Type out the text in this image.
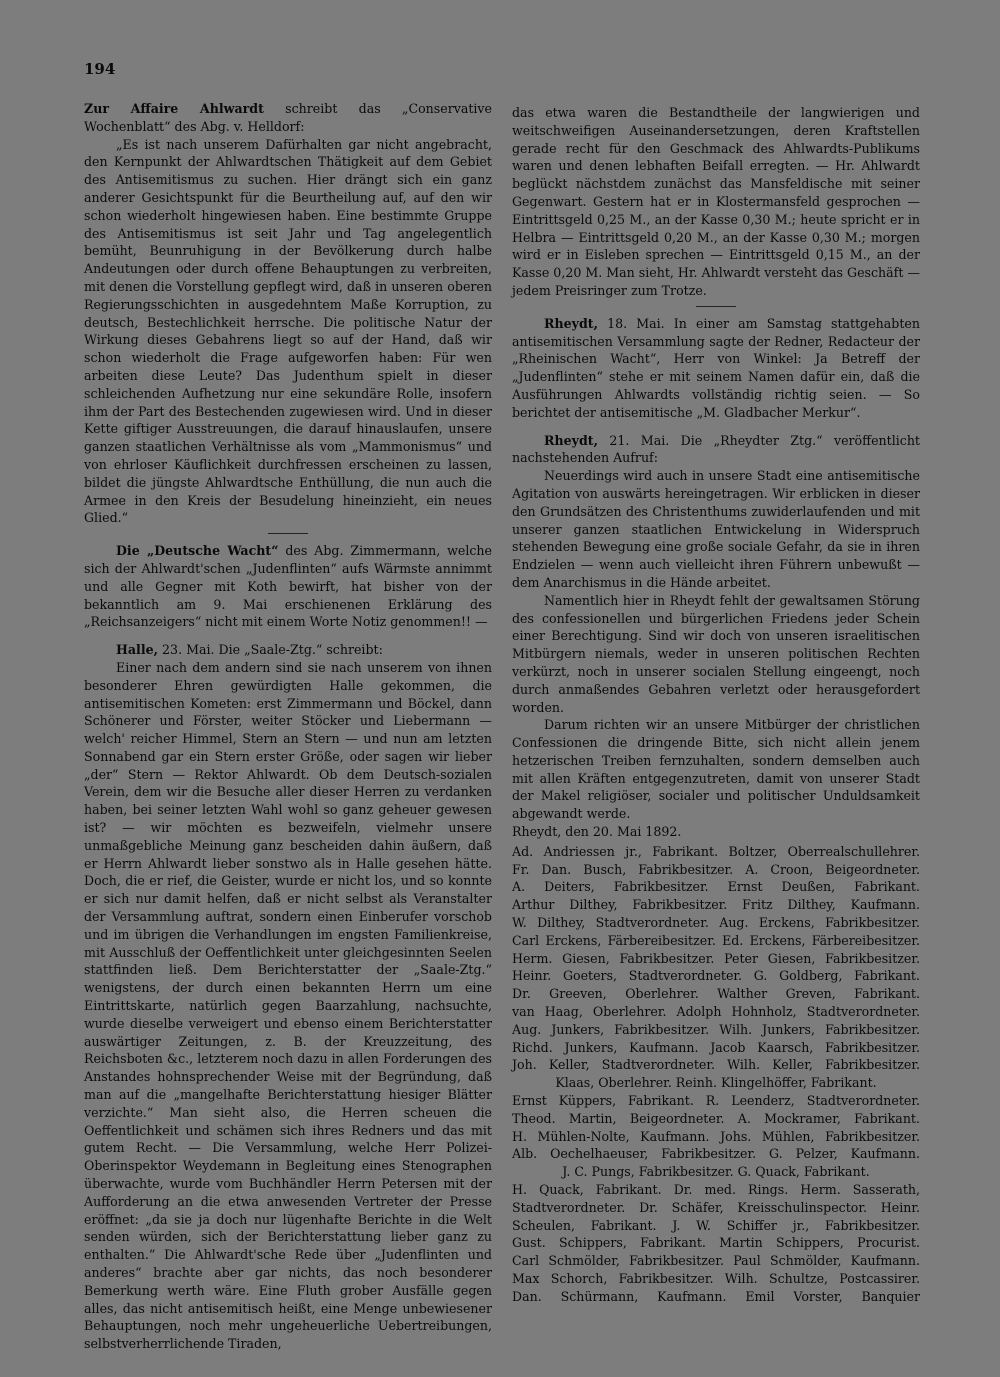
194

Zur Affaire Ahlwardt schreibt das „Conservative Wochenblatt“ des Abg. v. Helldorf:

„Es ist nach unserem Dafürhalten gar nicht angebracht, den Kernpunkt der Ahlwardtschen Thätigkeit auf dem Gebiet des Antisemitismus zu suchen. Hier drängt sich ein ganz anderer Gesichtspunkt für die Beurtheilung auf, auf den wir schon wiederholt hingewiesen haben. Eine bestimmte Gruppe des Antisemitismus ist seit Jahr und Tag angelegentlich bemüht, Beunruhigung in der Bevölkerung durch halbe Andeutungen oder durch offene Behauptungen zu verbreiten, mit denen die Vorstellung gepflegt wird, daß in unseren oberen Regierungsschichten in ausgedehntem Maße Korruption, zu deutsch, Bestechlichkeit herrsche. Die politische Natur der Wirkung dieses Gebahrens liegt so auf der Hand, daß wir schon wiederholt die Frage aufgeworfen haben: Für wen arbeiten diese Leute? Das Judenthum spielt in dieser schleichenden Aufhetzung nur eine sekundäre Rolle, insofern ihm der Part des Bestechenden zugewiesen wird. Und in dieser Kette giftiger Ausstreuungen, die darauf hinauslaufen, unsere ganzen staatlichen Verhältnisse als vom „Mammonismus“ und von ehrloser Käuflichkeit durchfressen erscheinen zu lassen, bildet die jüngste Ahlwardtsche Enthüllung, die nun auch die Armee in den Kreis der Besudelung hineinzieht, ein neues Glied.“

Die „Deutsche Wacht“ des Abg. Zimmermann, welche sich der Ahlwardt'schen „Judenflinten“ aufs Wärmste annimmt und alle Gegner mit Koth bewirft, hat bisher von der bekanntlich am 9. Mai erschienenen Erklärung des „Reichsanzeigers“ nicht mit einem Worte Notiz genommen!! —

Halle, 23. Mai. Die „Saale-Ztg.“ schreibt:

Einer nach dem andern sind sie nach unserem von ihnen besonderer Ehren gewürdigten Halle gekommen, die antisemitischen Kometen: erst Zimmermann und Böckel, dann Schönerer und Förster, weiter Stöcker und Liebermann — welch' reicher Himmel, Stern an Stern — und nun am letzten Sonnabend gar ein Stern erster Größe, oder sagen wir lieber „der“ Stern — Rektor Ahlwardt. Ob dem Deutsch-sozialen Verein, dem wir die Besuche aller dieser Herren zu verdanken haben, bei seiner letzten Wahl wohl so ganz geheuer gewesen ist? — wir möchten es bezweifeln, vielmehr unsere unmaßgebliche Meinung ganz bescheiden dahin äußern, daß er Herrn Ahlwardt lieber sonstwo als in Halle gesehen hätte. Doch, die er rief, die Geister, wurde er nicht los, und so konnte er sich nur damit helfen, daß er nicht selbst als Veranstalter der Versammlung auftrat, sondern einen Einberufer vorschob und im übrigen die Verhandlungen im engsten Familienkreise, mit Ausschluß der Oeffentlichkeit unter gleichgesinnten Seelen stattfinden ließ. Dem Berichterstatter der „Saale-Ztg.“ wenigstens, der durch einen bekannten Herrn um eine Eintrittskarte, natürlich gegen Baarzahlung, nachsuchte, wurde dieselbe verweigert und ebenso einem Berichterstatter auswärtiger Zeitungen, z. B. der Kreuzzeitung, des Reichsboten &c., letzterem noch dazu in allen Forderungen des Anstandes hohnsprechender Weise mit der Begründung, daß man auf die „mangelhafte Berichterstattung hiesiger Blätter verzichte.“ Man sieht also, die Herren scheuen die Oeffentlichkeit und schämen sich ihres Redners und das mit gutem Recht. — Die Versammlung, welche Herr Polizei-Oberinspektor Weydemann in Begleitung eines Stenographen überwachte, wurde vom Buchhändler Herrn Petersen mit der Aufforderung an die etwa anwesenden Vertreter der Presse eröffnet: „da sie ja doch nur lügenhafte Berichte in die Welt senden würden, sich der Berichterstattung lieber ganz zu enthalten.“ Die Ahlwardt'sche Rede über „Judenflinten und anderes“ brachte aber gar nichts, das noch besonderer Bemerkung werth wäre. Eine Fluth grober Ausfälle gegen alles, das nicht antisemitisch heißt, eine Menge unbewiesener Behauptungen, noch mehr ungeheuerliche Uebertreibungen, selbstverherrlichende Tiraden,

das etwa waren die Bestandtheile der langwierigen und weitschweifigen Auseinandersetzungen, deren Kraftstellen gerade recht für den Geschmack des Ahlwardts-Publikums waren und denen lebhaften Beifall erregten. — Hr. Ahlwardt beglückt nächstdem zunächst das Mansfeldische mit seiner Gegenwart. Gestern hat er in Klostermansfeld gesprochen — Eintrittsgeld 0,25 M., an der Kasse 0,30 M.; heute spricht er in Helbra — Eintrittsgeld 0,20 M., an der Kasse 0,30 M.; morgen wird er in Eisleben sprechen — Eintrittsgeld 0,15 M., an der Kasse 0,20 M. Man sieht, Hr. Ahlwardt versteht das Geschäft — jedem Preisringer zum Trotze.

Rheydt, 18. Mai. In einer am Samstag stattgehabten antisemitischen Versammlung sagte der Redner, Redacteur der „Rheinischen Wacht“, Herr von Winkel: Ja Betreff der „Judenflinten“ stehe er mit seinem Namen dafür ein, daß die Ausführungen Ahlwardts vollständig richtig seien. — So berichtet der antisemitische „M. Gladbacher Merkur“.

Rheydt, 21. Mai. Die „Rheydter Ztg.“ veröffentlicht nachstehenden Aufruf:

Neuerdings wird auch in unsere Stadt eine antisemitische Agitation von auswärts hereingetragen. Wir erblicken in dieser den Grundsätzen des Christenthums zuwiderlaufenden und mit unserer ganzen staatlichen Entwickelung in Widerspruch stehenden Bewegung eine große sociale Gefahr, da sie in ihren Endzielen — wenn auch vielleicht ihren Führern unbewußt — dem Anarchismus in die Hände arbeitet.

Namentlich hier in Rheydt fehlt der gewaltsamen Störung des confessionellen und bürgerlichen Friedens jeder Schein einer Berechtigung. Sind wir doch von unseren israelitischen Mitbürgern niemals, weder in unseren politischen Rechten verkürzt, noch in unserer socialen Stellung eingeengt, noch durch anmaßendes Gebahren verletzt oder herausgefordert worden.

Darum richten wir an unsere Mitbürger der christlichen Confessionen die dringende Bitte, sich nicht allein jenem hetzerischen Treiben fernzuhalten, sondern demselben auch mit allen Kräften entgegenzutreten, damit von unserer Stadt der Makel religiöser, socialer und politischer Unduldsamkeit abgewandt werde.

Rheydt, den 20. Mai 1892.

Ad. Andriessen jr., Fabrikant. Boltzer, Oberrealschullehrer.
Fr. Dan. Busch, Fabrikbesitzer. A. Croon, Beigeordneter.
A. Deiters, Fabrikbesitzer. Ernst Deußen, Fabrikant.
Arthur Dilthey, Fabrikbesitzer. Fritz Dilthey, Kaufmann.
W. Dilthey, Stadtverordneter. Aug. Erckens, Fabrikbesitzer.
Carl Erckens, Färbereibesitzer. Ed. Erckens, Färbereibesitzer.
Herm. Giesen, Fabrikbesitzer. Peter Giesen, Fabrikbesitzer.
Heinr. Goeters, Stadtverordneter. G. Goldberg, Fabrikant.
Dr. Greeven, Oberlehrer. Walther Greven, Fabrikant.
van Haag, Oberlehrer. Adolph Hohnholz, Stadtverordneter.
Aug. Junkers, Fabrikbesitzer. Wilh. Junkers, Fabrikbesitzer.
Richd. Junkers, Kaufmann. Jacob Kaarsch, Fabrikbesitzer.
Joh. Keller, Stadtverordneter. Wilh. Keller, Fabrikbesitzer.
Klaas, Oberlehrer. Reinh. Klingelhöffer, Fabrikant.
Ernst Küppers, Fabrikant. R. Leenderz, Stadtverordneter.
Theod. Martin, Beigeordneter. A. Mockramer, Fabrikant.
H. Mühlen-Nolte, Kaufmann. Johs. Mühlen, Fabrikbesitzer.
Alb. Oechelhaeuser, Fabrikbesitzer. G. Pelzer, Kaufmann.
J. C. Pungs, Fabrikbesitzer. G. Quack, Fabrikant.
H. Quack, Fabrikant. Dr. med. Rings. Herm. Sasserath,
Stadtverordneter. Dr. Schäfer, Kreisschulinspector. Heinr.
Scheulen, Fabrikant. J. W. Schiffer jr., Fabrikbesitzer.
Gust. Schippers, Fabrikant. Martin Schippers, Procurist.
Carl Schmölder, Fabrikbesitzer. Paul Schmölder, Kaufmann.
Max Schorch, Fabrikbesitzer. Wilh. Schultze, Postcassirer.
Dan. Schürmann, Kaufmann. Emil Vorster, Banquier
